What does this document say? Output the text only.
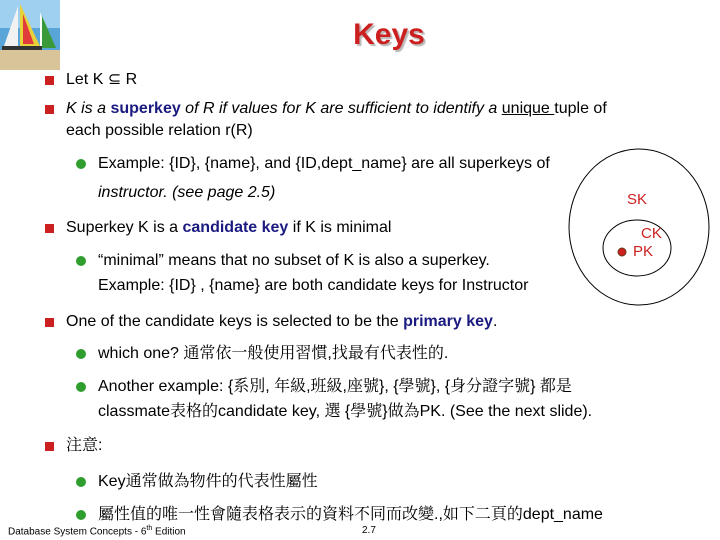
Keys
Let K ⊆ R
K is a superkey of R if values for K are sufficient to identify a unique tuple of
each possible relation r(R)
Example: {ID}, {name}, and {ID,dept_name} are all superkeys of
instructor. (see page 2.5)
Superkey K is a candidate key if K is minimal
“minimal” means that no subset of K is also a superkey.
Example: {ID} , {name} are both candidate keys for Instructor
One of the candidate keys is selected to be the primary key.
which one? 通常依一般使用習慣,找最有代表性的.
Another example: {系別, 年級,班級,座號}, {學號}, {身分證字號} 都是
classmate表格的candidate key, 選 {學號}做為PK. (See the next slide).
注意:
Key通常做為物件的代表性屬性
屬性值的唯一性會隨表格表示的資料不同而改變.,如下二頁的dept_name
SK
CK
PK
Database System Concepts - 6th Edition	2.7
